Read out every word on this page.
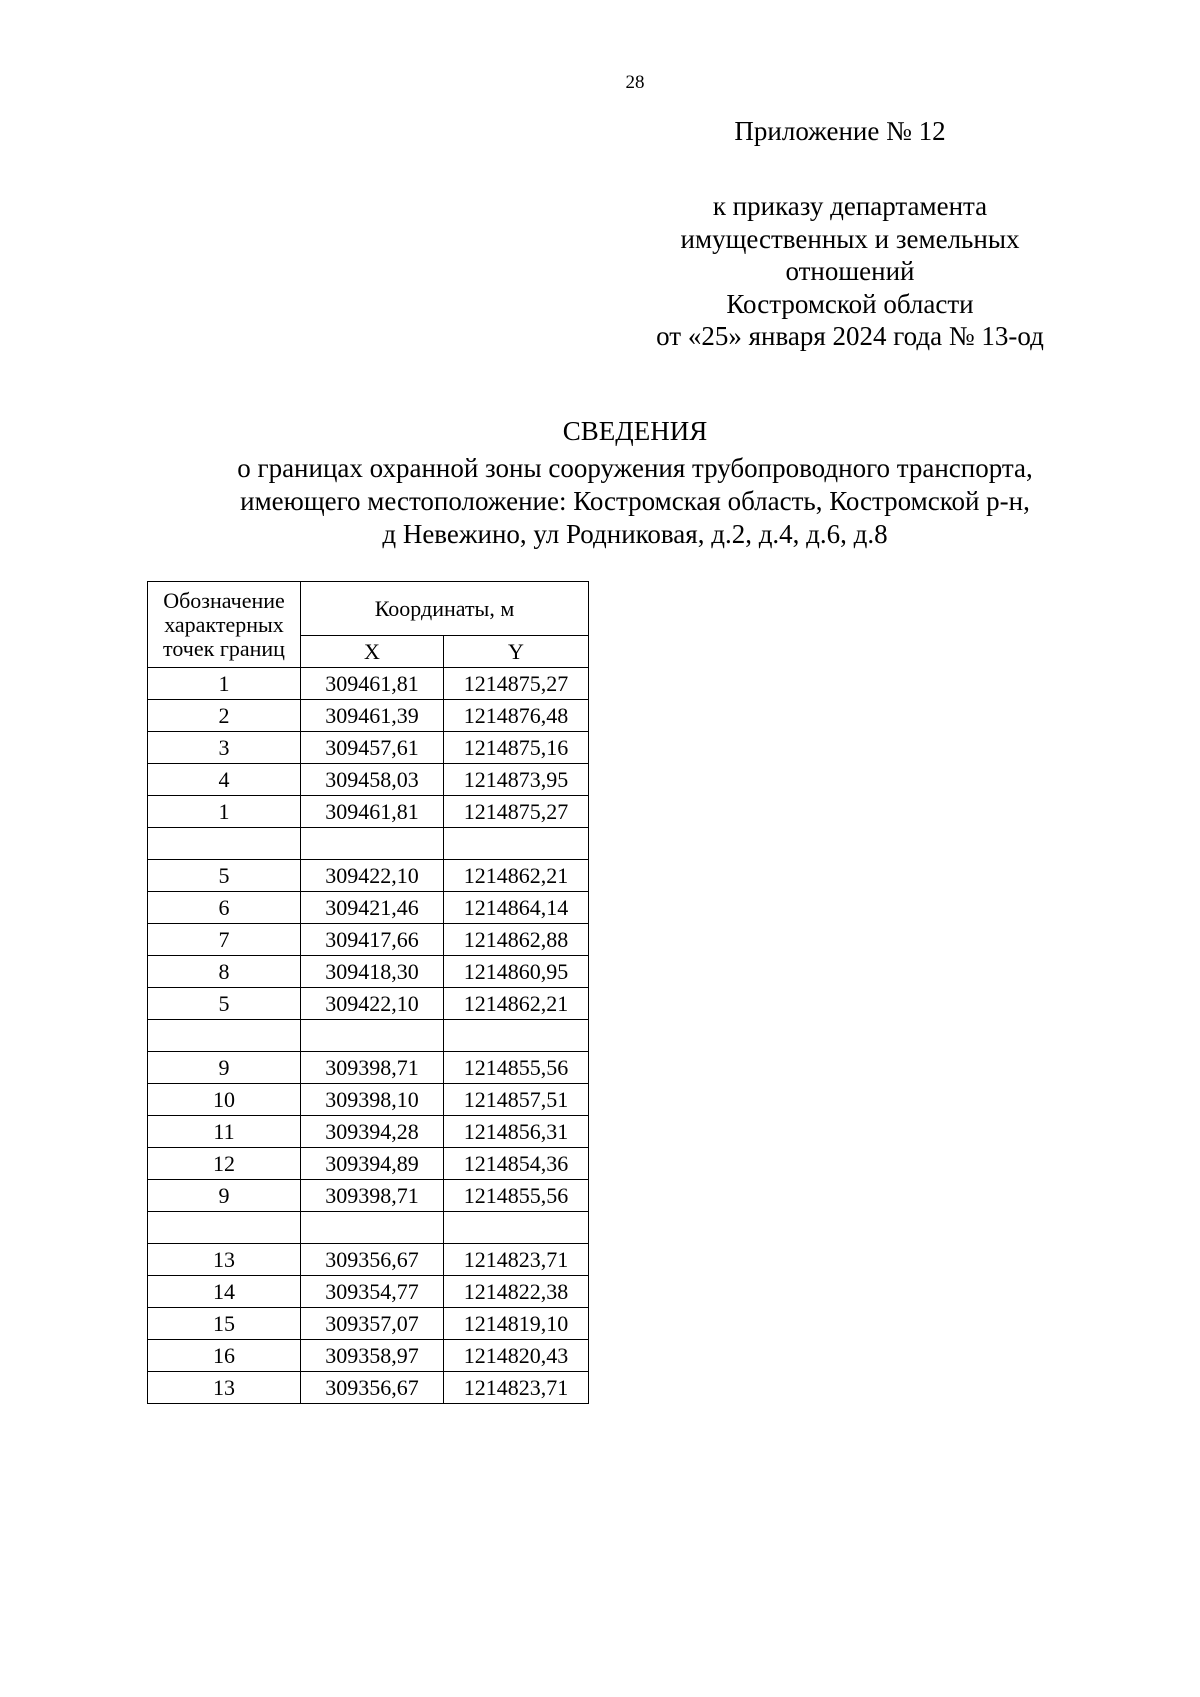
28
Приложение № 12
к приказу департамента
имущественных и земельных
отношений
Костромской области
от «25» января 2024 года № 13-од
СВЕДЕНИЯ
о границах охранной зоны сооружения трубопроводного транспорта,
имеющего местоположение: Костромская область, Костромской р-н,
д Невежино, ул Родниковая, д.2, д.4, д.6, д.8
Обозначение
характерных
точек границ	Координаты, м	
	X	Y
1	309461,81	1214875,27
2	309461,39	1214876,48
3	309457,61	1214875,16
4	309458,03	1214873,95
1	309461,81	1214875,27

5	309422,10	1214862,21
6	309421,46	1214864,14
7	309417,66	1214862,88
8	309418,30	1214860,95
5	309422,10	1214862,21

9	309398,71	1214855,56
10	309398,10	1214857,51
11	309394,28	1214856,31
12	309394,89	1214854,36
9	309398,71	1214855,56

13	309356,67	1214823,71
14	309354,77	1214822,38
15	309357,07	1214819,10
16	309358,97	1214820,43
13	309356,67	1214823,71
